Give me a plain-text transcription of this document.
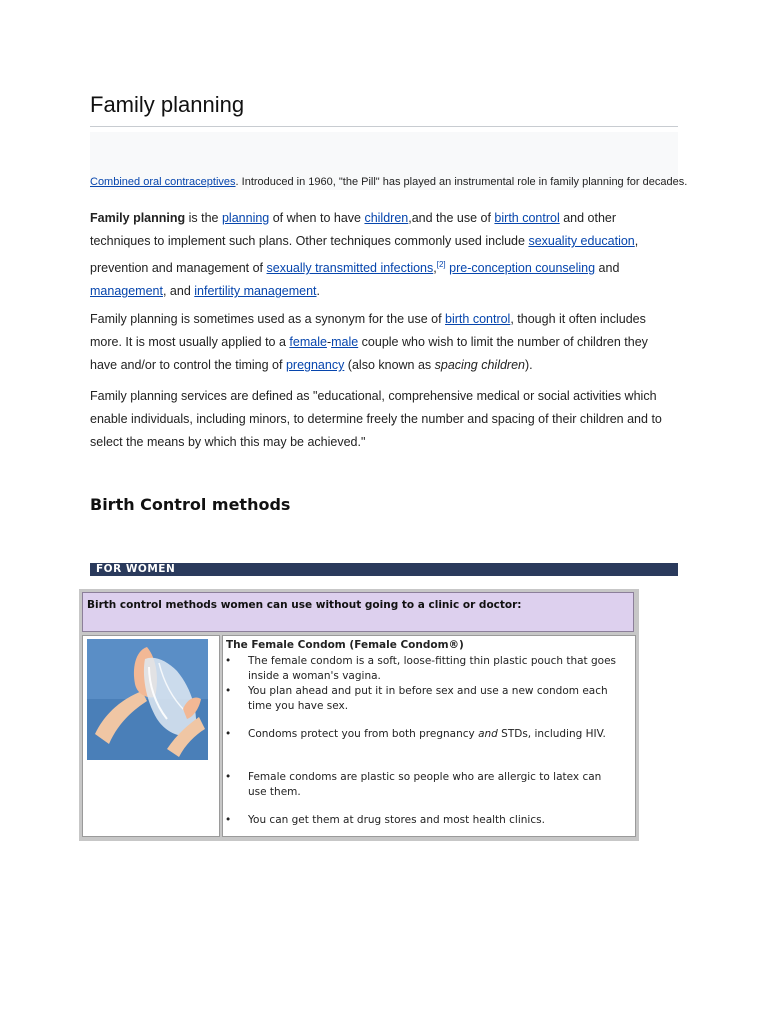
Family planning
Combined oral contraceptives. Introduced in 1960, "the Pill" has played an instrumental role in family planning for decades.

Family planning is the planning of when to have children,and the use of birth control and other techniques to implement such plans. Other techniques commonly used include sexuality education, prevention and management of sexually transmitted infections,[2] pre-conception counseling and management, and infertility management.

Family planning is sometimes used as a synonym for the use of birth control, though it often includes more. It is most usually applied to a female-male couple who wish to limit the number of children they have and/or to control the timing of pregnancy (also known as spacing children).

Family planning services are defined as "educational, comprehensive medical or social activities which enable individuals, including minors, to determine freely the number and spacing of their children and to select the means by which this may be achieved."

Birth Control methods
FOR WOMEN
Birth control methods women can use without going to a clinic or doctor:
The Female Condom (Female Condom®)
• The female condom is a soft, loose-fitting thin plastic pouch that goes inside a woman's vagina.
• You plan ahead and put it in before sex and use a new condom each time you have sex.
• Condoms protect you from both pregnancy and STDs, including HIV.
• Female condoms are plastic so people who are allergic to latex can use them.
• You can get them at drug stores and most health clinics.
